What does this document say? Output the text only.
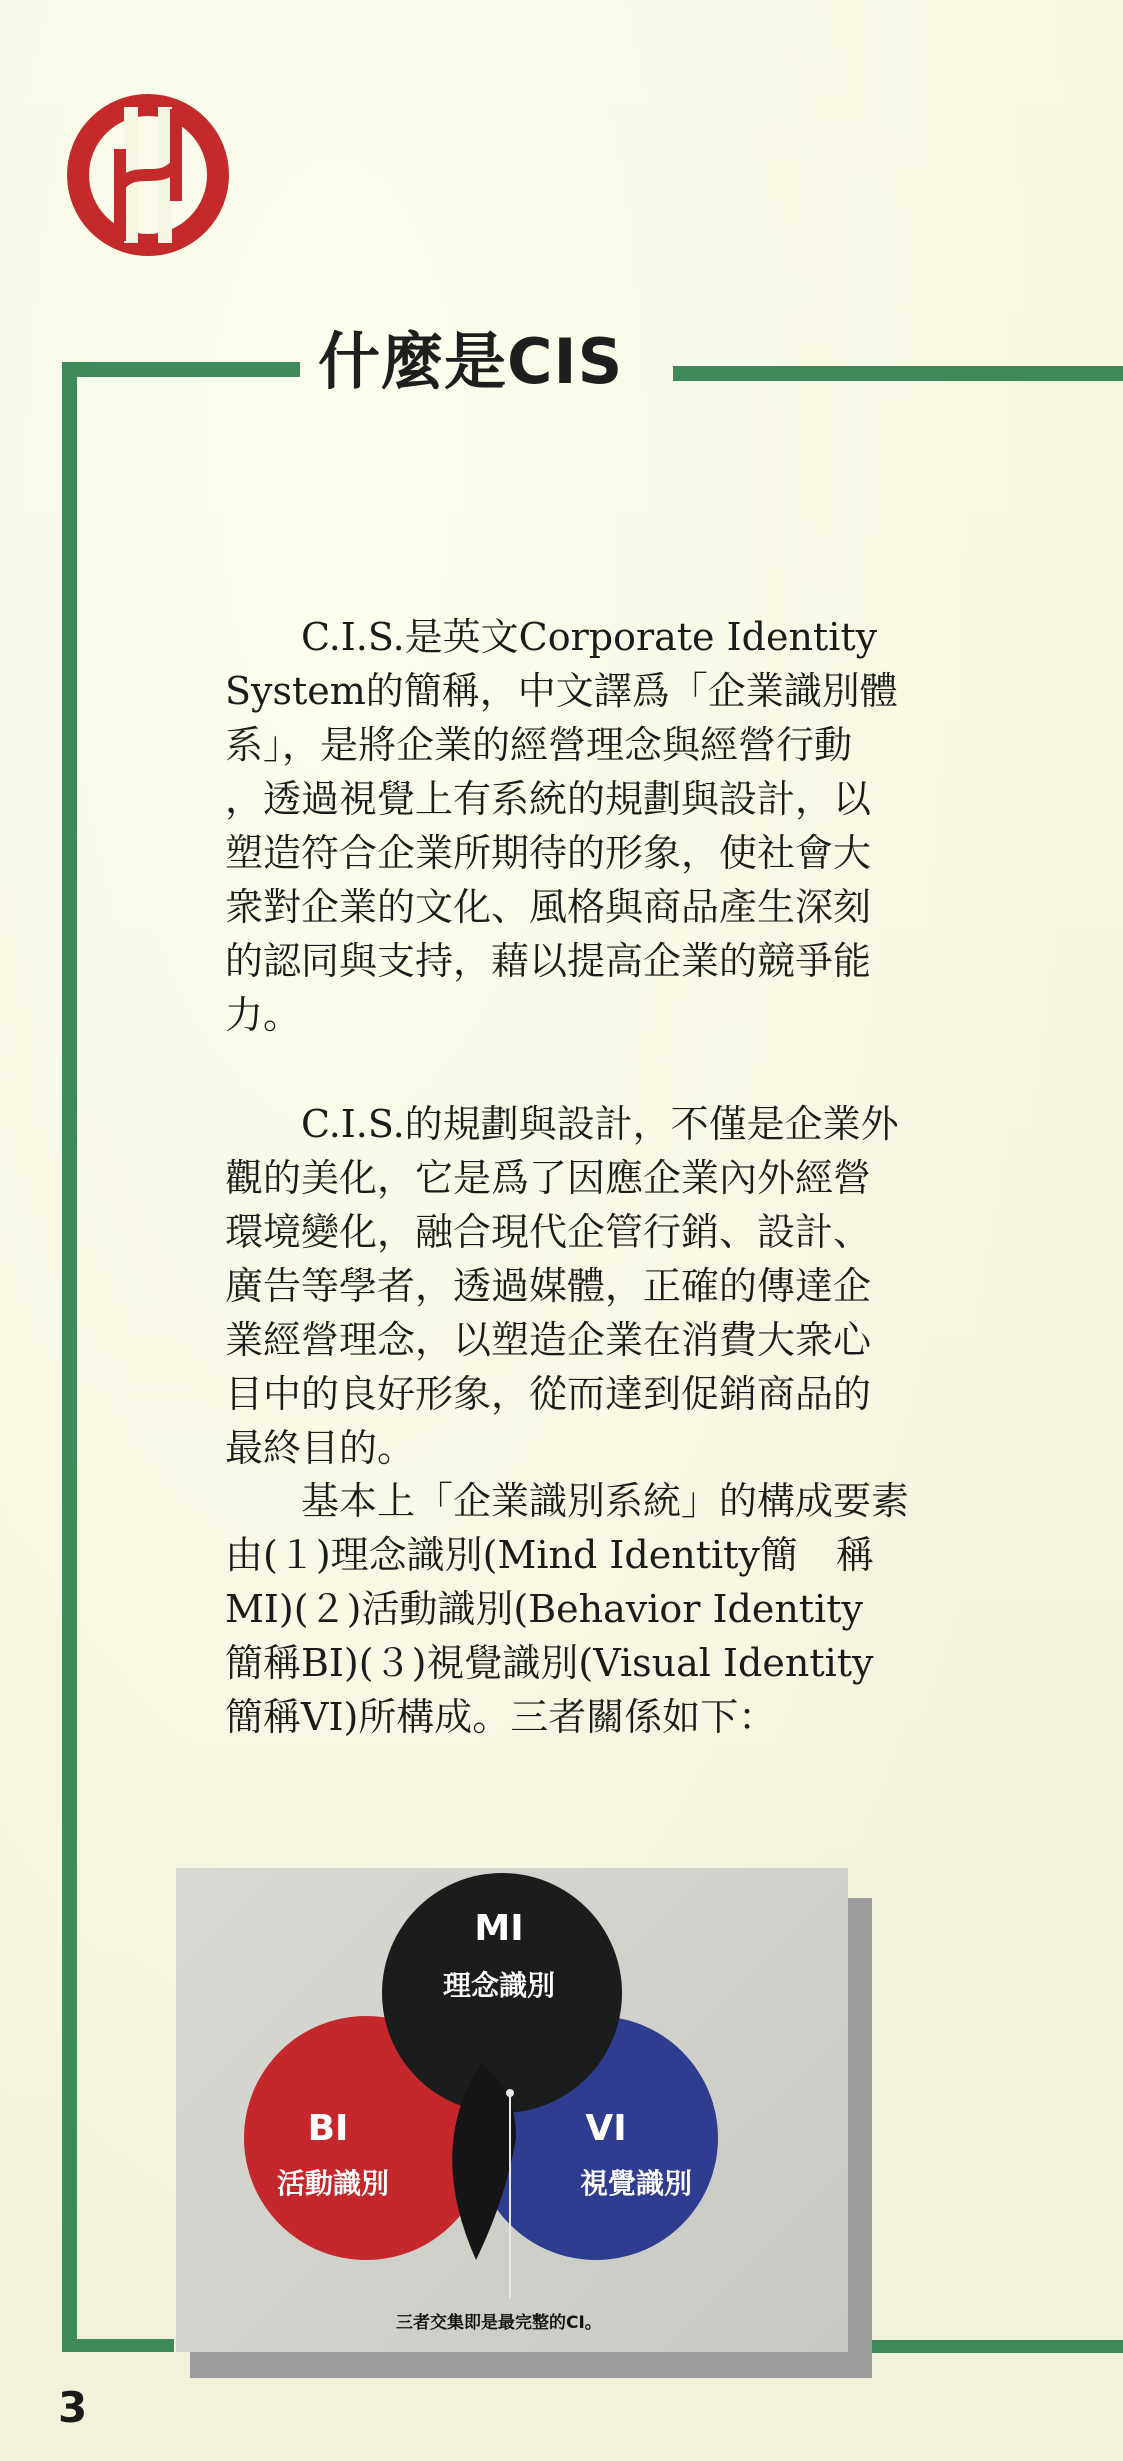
什麼是CIS
　　C.I.S.是英文Corporate Identity
System的簡稱，中文譯爲「企業識別體
系」，是將企業的經營理念與經營行動
，透過視覺上有系統的規劃與設計，以
塑造符合企業所期待的形象，使社會大
衆對企業的文化、風格與商品產生深刻
的認同與支持，藉以提高企業的競爭能
力。
　　C.I.S.的規劃與設計，不僅是企業外
觀的美化，它是爲了因應企業內外經營
環境變化，融合現代企管行銷、設計、
廣告等學者，透過媒體，正確的傳達企
業經營理念，以塑造企業在消費大衆心
目中的良好形象，從而達到促銷商品的
最終目的。
　　基本上「企業識別系統」的構成要素
由(１)理念識別(Mind Identity簡　稱
MI)(２)活動識別(Behavior Identity
簡稱BI)(３)視覺識別(Visual Identity
簡稱VI)所構成。三者關係如下：
MI
理念識別
BI
活動識別
VI
視覺識別
三者交集即是最完整的CI。
3
